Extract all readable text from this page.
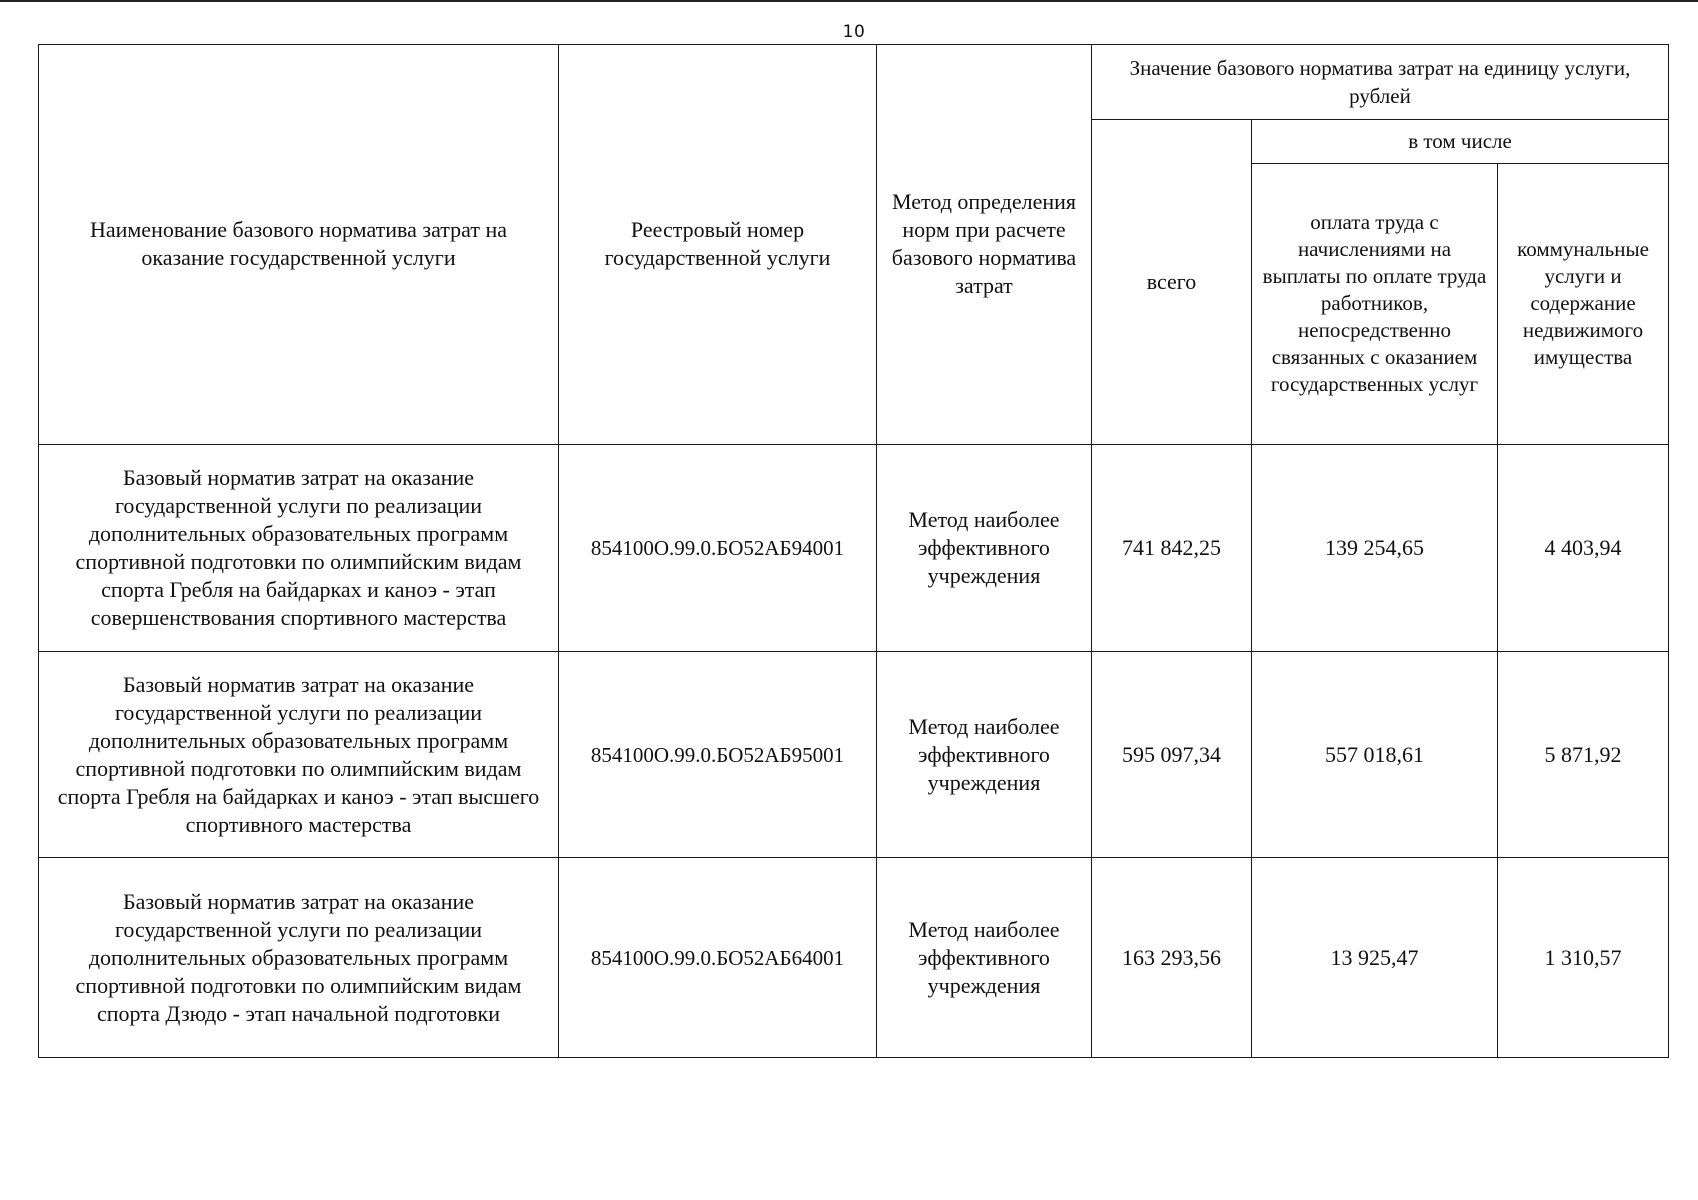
10
Наименование базового норматива затрат на оказание государственной услуги	Реестровый номер государственной услуги	Метод определения норм при расчете базового норматива затрат	Значение базового норматива затрат на единицу услуги, рублей		
			всего	в том числе	
				оплата труда с начислениями на выплаты по оплате труда работников, непосредственно связанных с оказанием государственных услуг	коммунальные услуги и содержание недвижимого имущества
Базовый норматив затрат на оказание государственной услуги по реализации дополнительных образовательных программ спортивной подготовки по олимпийским видам спорта Гребля на байдарках и каноэ - этап совершенствования спортивного мастерства	854100О.99.0.БО52АБ94001	Метод наиболее эффективного учреждения	741 842,25	139 254,65	4 403,94
Базовый норматив затрат на оказание государственной услуги по реализации дополнительных образовательных программ спортивной подготовки по олимпийским видам спорта Гребля на байдарках и каноэ - этап высшего спортивного мастерства	854100О.99.0.БО52АБ95001	Метод наиболее эффективного учреждения	595 097,34	557 018,61	5 871,92
Базовый норматив затрат на оказание государственной услуги по реализации дополнительных образовательных программ спортивной подготовки по олимпийским видам спорта Дзюдо - этап начальной подготовки	854100О.99.0.БО52АБ64001	Метод наиболее эффективного учреждения	163 293,56	13 925,47	1 310,57
